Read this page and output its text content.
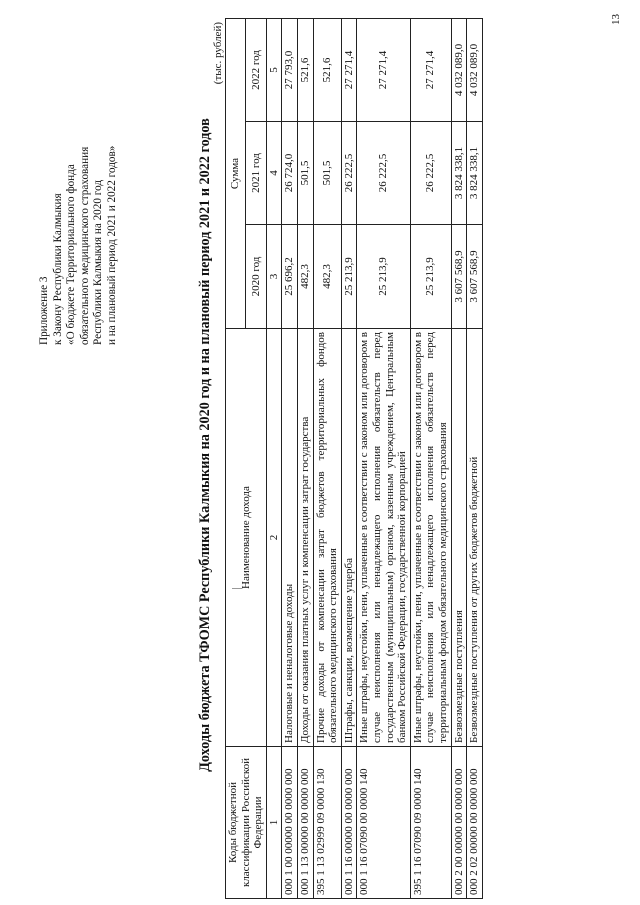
Приложение 3 к Закону Республики Калмыкия «О бюджете Территориального фонда обязательного медицинского страхования Республики Калмыкия на 2020 год и на плановый период 2021 и 2022 годов»	Доходы бюджета ТФОМС Республики Калмыкия на 2020 год и на плановый период 2021 и 2022 годов
(тыс. рублей)
Коды бюджетной классификации Российской Федерации	Наименование дохода	Сумма		
		2020 год	2021 год	2022 год
1	2	3	4	5
000 1 00 00000 00 0000 000	Налоговые и неналоговые доходы	25 696,2	26 724,0	27 793,0
000 1 13 00000 00 0000 000	Доходы от оказания платных услуг и компенсации затрат государства	482,3	501,5	521,6
395 1 13 02999 09 0000 130	Прочие доходы от компенсации затрат бюджетов территориальных фондов обязательного медицинского страхования	482,3	501,5	521,6
000 1 16 00000 00 0000 000	Штрафы, санкции, возмещение ущерба	25 213,9	26 222,5	27 271,4
000 1 16 07090 00 0000 140	Иные штрафы, неустойки, пени, уплаченные в соответствии с законом или договором в случае неисполнения или ненадлежащего исполнения обязательств перед государственным (муниципальным) органом, казенным учреждением, Центральным банком Российской Федерации, государственной корпорацией	25 213,9	26 222,5	27 271,4
395 1 16 07090 09 0000 140	Иные штрафы, неустойки, пени, уплаченные в соответствии с законом или договором в случае неисполнения или ненадлежащего исполнения обязательств перед территориальным фондом обязательного медицинского страхования	25 213,9	26 222,5	27 271,4
000 2 00 00000 00 0000 000	Безвозмездные поступления	3 607 568,9	3 824 338,1	4 032 089,0
000 2 02 00000 00 0000 000	Безвозмездные поступления от других бюджетов бюджетной	3 607 568,9	3 824 338,1	4 032 089,0
13
